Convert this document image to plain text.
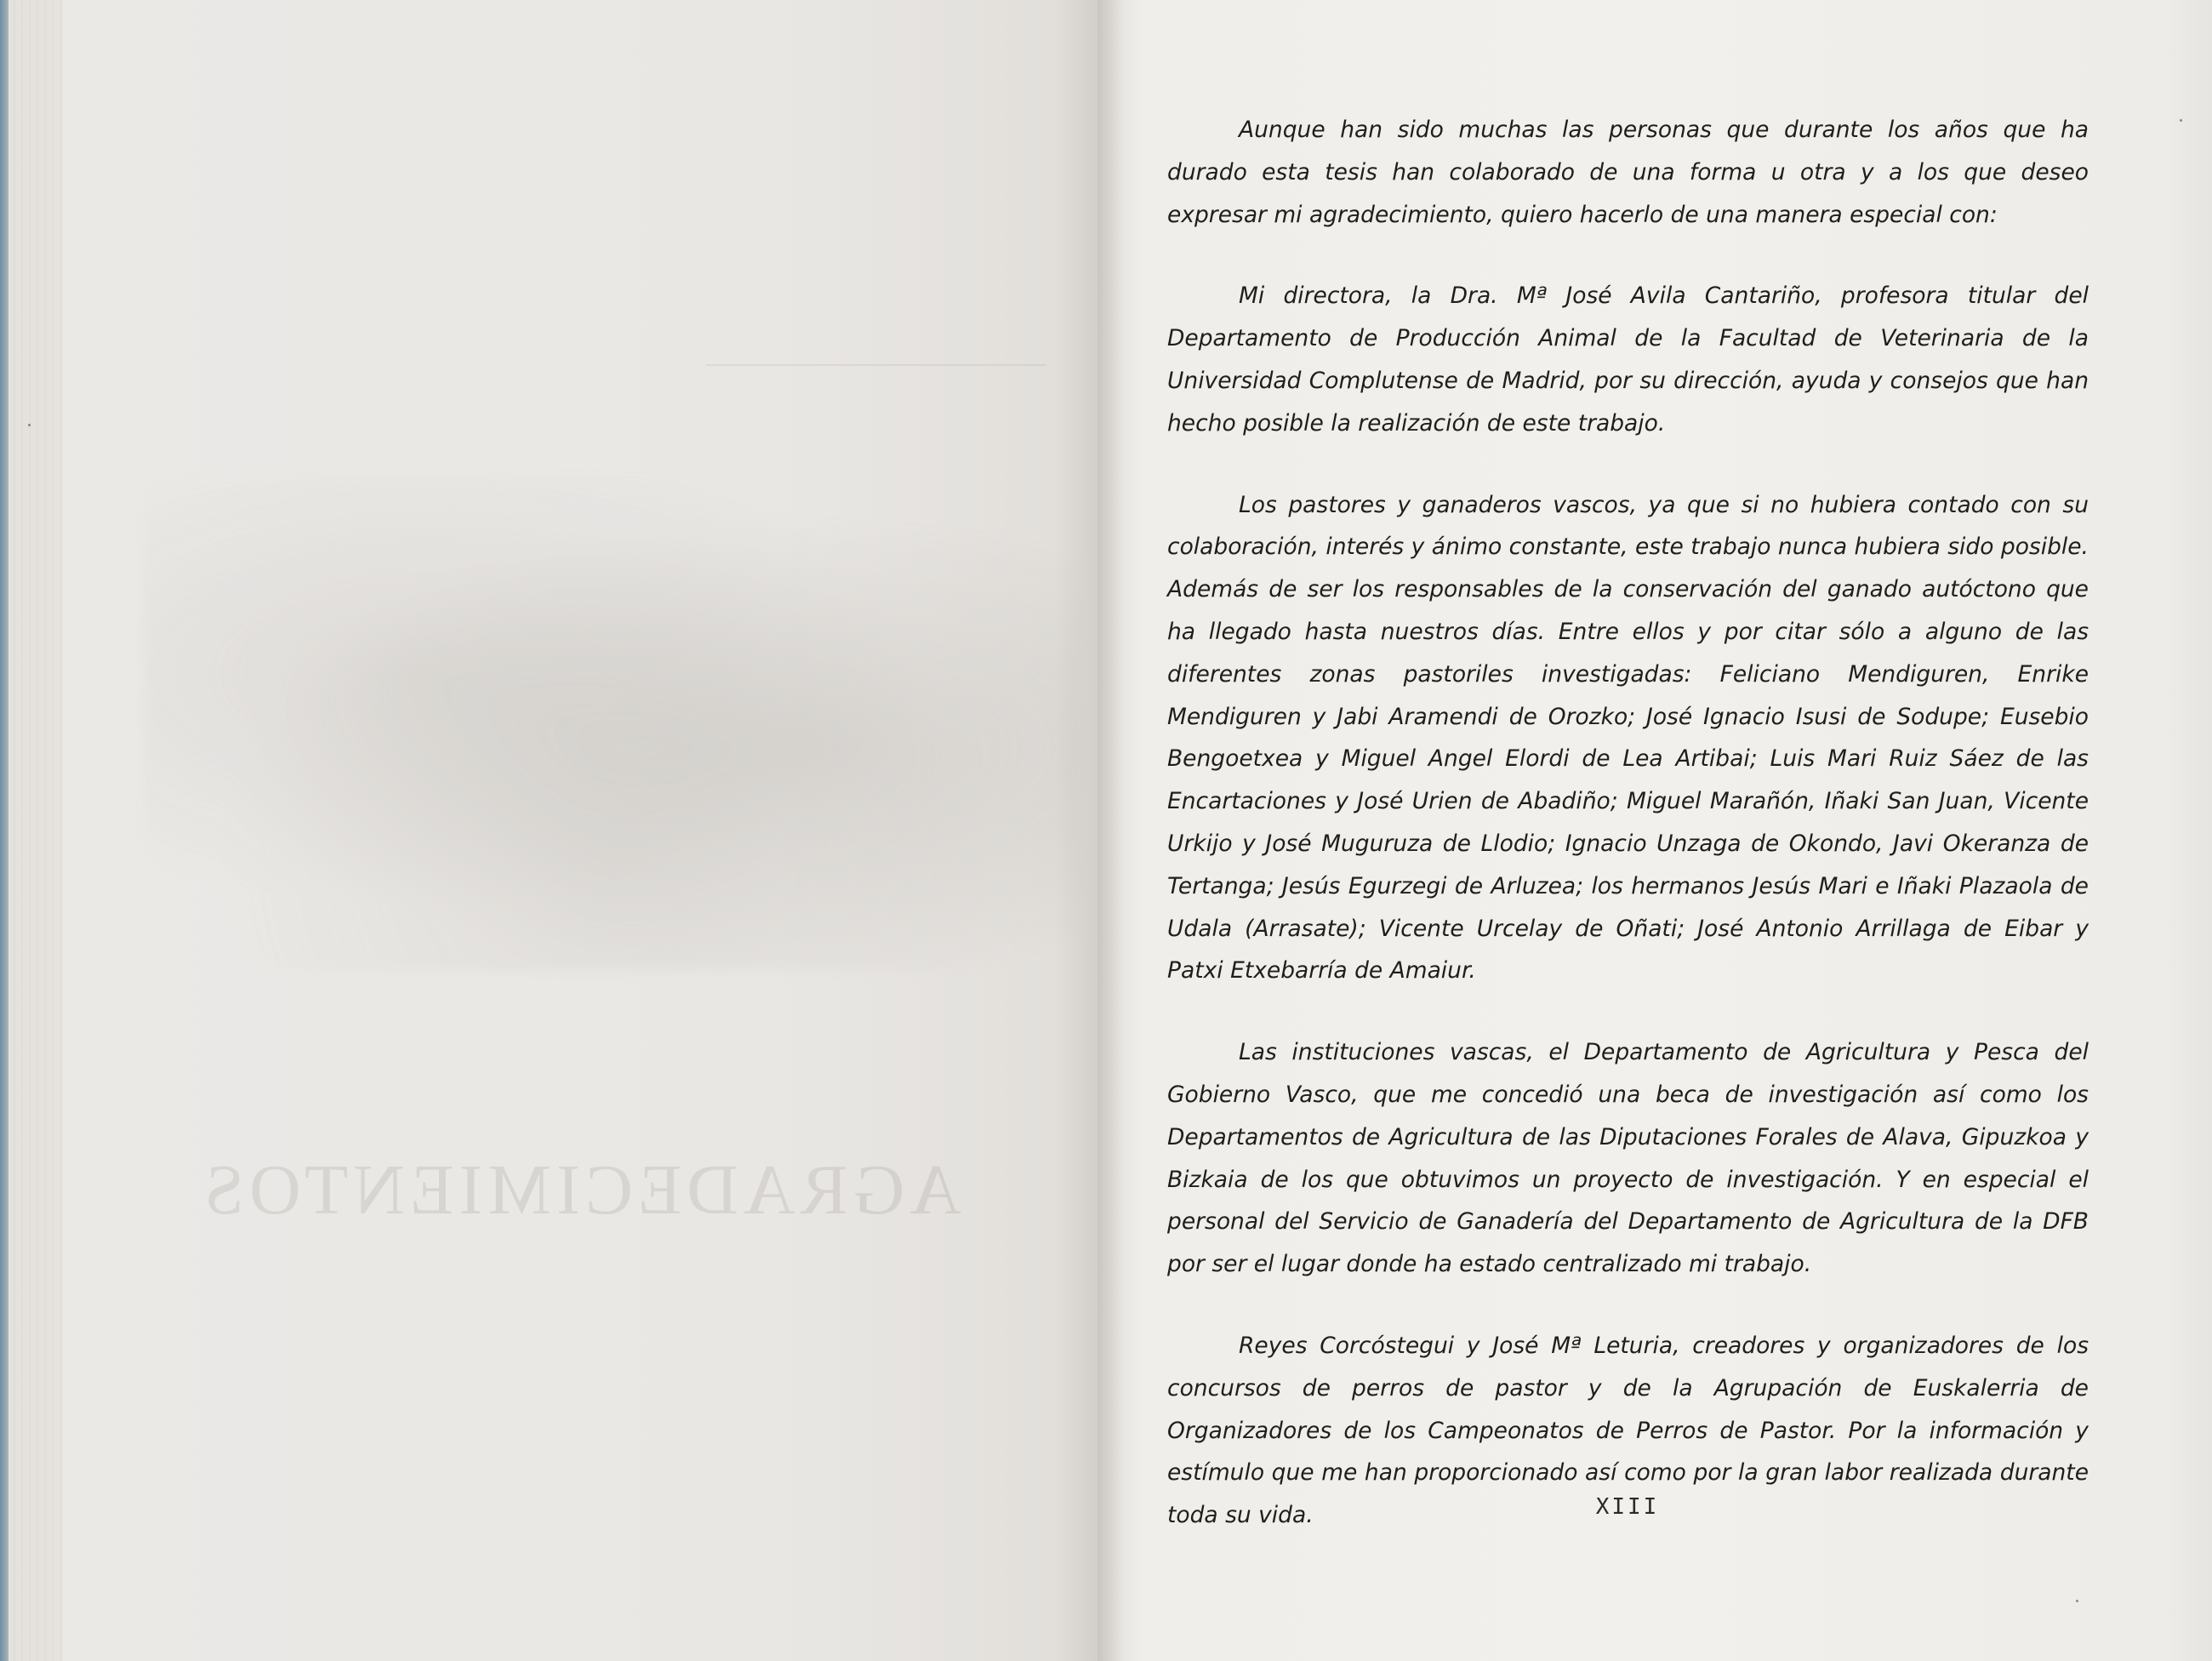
AGRADECIMIENTOS

Aunque han sido muchas las personas que durante los años que ha durado esta tesis han colaborado de una forma u otra y a los que deseo expresar mi agradecimiento, quiero hacerlo de una manera especial con:

Mi directora, la Dra. Mª José Avila Cantariño, profesora titular del Departamento de Producción Animal de la Facultad de Veterinaria de la Universidad Complutense de Madrid, por su dirección, ayuda y consejos que han hecho posible la realización de este trabajo.

Los pastores y ganaderos vascos, ya que si no hubiera contado con su colaboración, interés y ánimo constante, este trabajo nunca hubiera sido posible. Además de ser los responsables de la conservación del ganado autóctono que ha llegado hasta nuestros días. Entre ellos y por citar sólo a alguno de las diferentes zonas pastoriles investigadas: Feliciano Mendiguren, Enrike Mendiguren y Jabi Aramendi de Orozko; José Ignacio Isusi de Sodupe; Eusebio Bengoetxea y Miguel Angel Elordi de Lea Artibai; Luis Mari Ruiz Sáez de las Encartaciones y José Urien de Abadiño; Miguel Marañón, Iñaki San Juan, Vicente Urkijo y José Muguruza de Llodio; Ignacio Unzaga de Okondo, Javi Okeranza de Tertanga; Jesús Egurzegi de Arluzea; los hermanos Jesús Mari e Iñaki Plazaola de Udala (Arrasate); Vicente Urcelay de Oñati; José Antonio Arrillaga de Eibar y Patxi Etxebarría de Amaiur.

Las instituciones vascas, el Departamento de Agricultura y Pesca del Gobierno Vasco, que me concedió una beca de investigación así como los Departamentos de Agricultura de las Diputaciones Forales de Alava, Gipuzkoa y Bizkaia de los que obtuvimos un proyecto de investigación. Y en especial el personal del Servicio de Ganadería del Departamento de Agricultura de la DFB por ser el lugar donde ha estado centralizado mi trabajo.

Reyes Corcóstegui y José Mª Leturia, creadores y organizadores de los concursos de perros de pastor y de la Agrupación de Euskalerria de Organizadores de los Campeonatos de Perros de Pastor. Por la información y estímulo que me han proporcionado así como por la gran labor realizada durante toda su vida.	XIII
